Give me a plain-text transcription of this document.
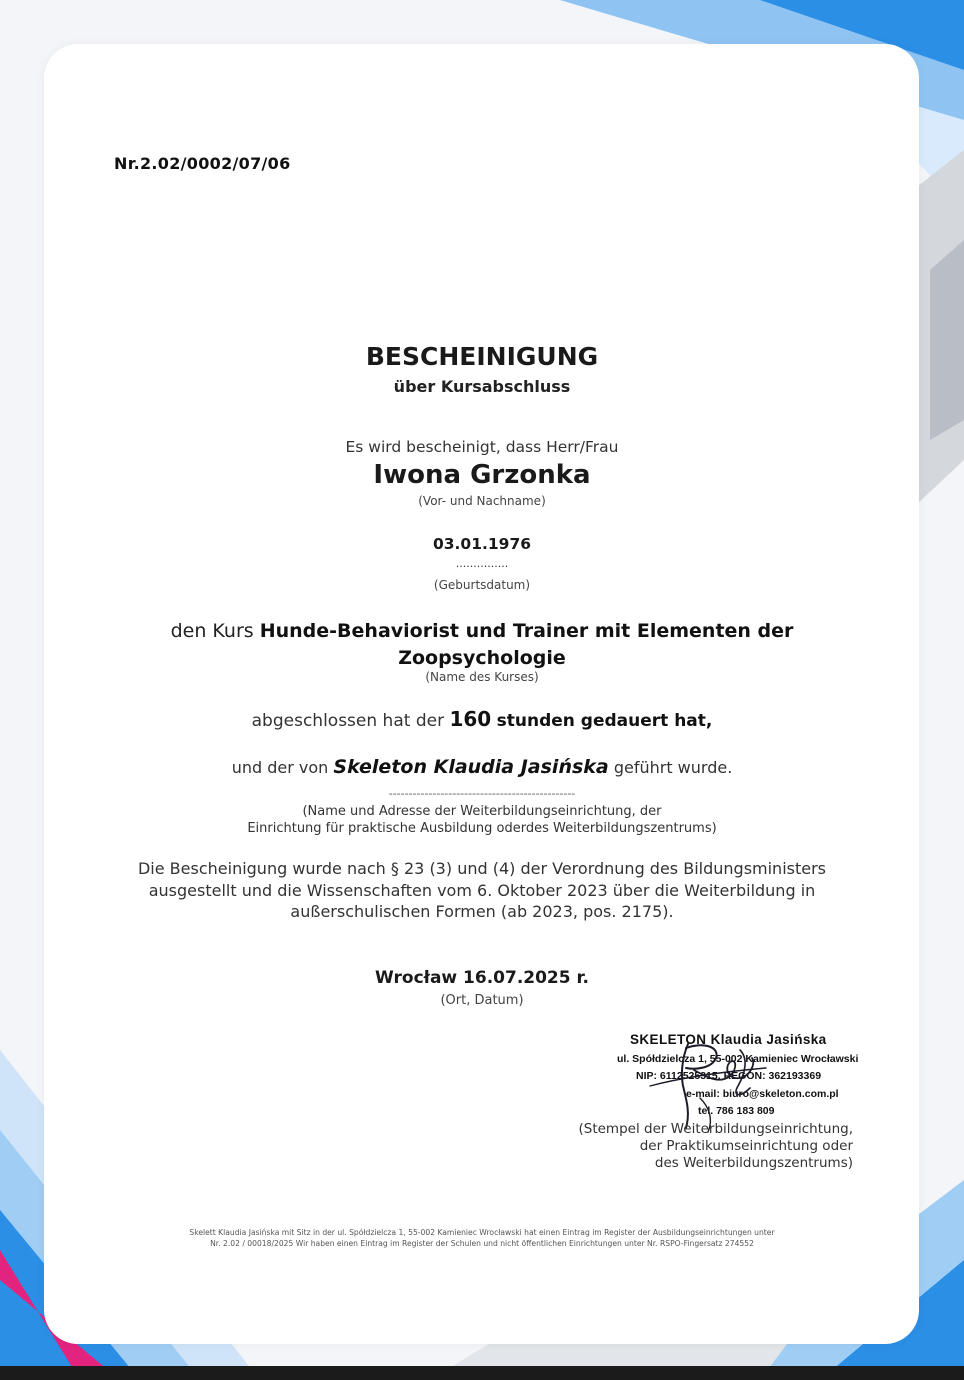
Nr.2.02/0002/07/06
BESCHEINIGUNG
über Kursabschluss
Es wird bescheinigt, dass Herr/Frau
Iwona Grzonka
(Vor- und Nachname)
03.01.1976
...............
(Geburtsdatum)
den Kurs Hunde-Behaviorist und Trainer mit Elementen der Zoopsychologie
(Name des Kurses)
abgeschlossen hat der 160 stunden gedauert hat,
und der von Skeleton Klaudia Jasińska geführt wurde.
-----------------------------------------------
(Name und Adresse der Weiterbildungseinrichtung, der
Einrichtung für praktische Ausbildung oderdes Weiterbildungszentrums)
Die Bescheinigung wurde nach § 23 (3) und (4) der Verordnung des Bildungsministers ausgestellt und die Wissenschaften vom 6. Oktober 2023 über die Weiterbildung in außerschulischen Formen (ab 2023, pos. 2175).
Wrocław 16.07.2025 r.
(Ort, Datum)
SKELETON Klaudia Jasińska
ul. Spółdzielcza 1, 55-002 Kamieniec Wrocławski
NIP: 6112525315, REGON: 362193369
e-mail: biuro@skeleton.com.pl
tel. 786 183 809
(Stempel der Weiterbildungseinrichtung,
der Praktikumseinrichtung oder
des Weiterbildungszentrums)
Skelett Klaudia Jasińska mit Sitz in der ul. Spółdzielcza 1, 55-002 Kamieniec Wrocławski hat einen Eintrag im Register der Ausbildungseinrichtungen unter
Nr. 2.02 / 00018/2025 Wir haben einen Eintrag im Register der Schulen und nicht öffentlichen Einrichtungen unter Nr. RSPO-Fingersatz 274552
